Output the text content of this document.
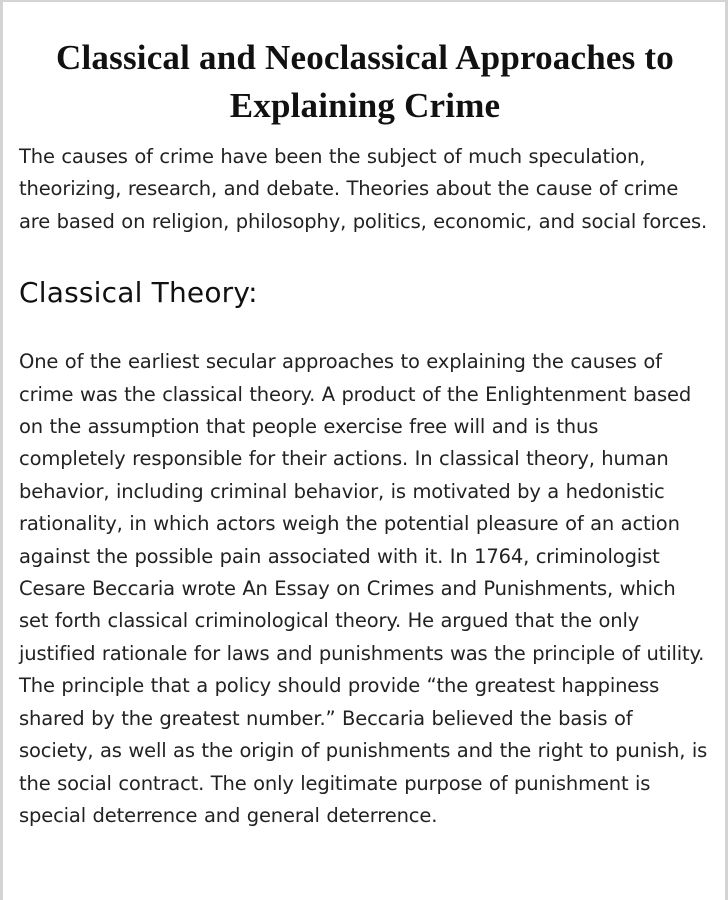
Classical and Neoclassical Approaches to Explaining Crime

The causes of crime have been the subject of much speculation, theorizing, research, and debate. Theories about the cause of crime are based on religion, philosophy, politics, economic, and social forces.

Classical Theory:

One of the earliest secular approaches to explaining the causes of crime was the classical theory. A product of the Enlightenment based on the assumption that people exercise free will and is thus completely responsible for their actions. In classical theory, human behavior, including criminal behavior, is motivated by a hedonistic rationality, in which actors weigh the potential pleasure of an action against the possible pain associated with it. In 1764, criminologist Cesare Beccaria wrote An Essay on Crimes and Punishments, which set forth classical criminological theory. He argued that the only justified rationale for laws and punishments was the principle of utility. The principle that a policy should provide “the greatest happiness shared by the greatest number.” Beccaria believed the basis of society, as well as the origin of punishments and the right to punish, is the social contract. The only legitimate purpose of punishment is special deterrence and general deterrence.
